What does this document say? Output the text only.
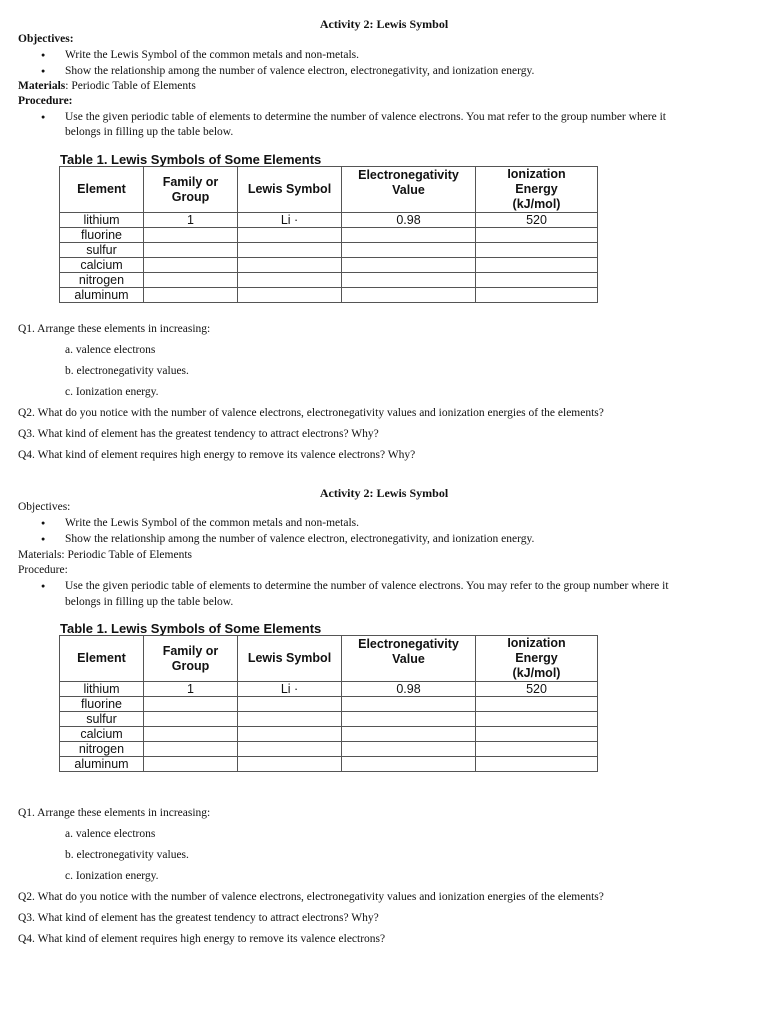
Activity 2: Lewis Symbol
Objectives:
● Write the Lewis Symbol of the common metals and non-metals.
● Show the relationship among the number of valence electron, electronegativity, and ionization energy.
Materials: Periodic Table of Elements
Procedure:
● Use the given periodic table of elements to determine the number of valence electrons. You mat refer to the group number where it
belongs in filling up the table below.
Table 1. Lewis Symbols of Some Elements
Element	Family or Group	Lewis Symbol	Electronegativity Value	Ionization Energy (kJ/mol)
lithium	1	Li ·	0.98	520
fluorine				
sulfur				
calcium				
nitrogen				
aluminum				
Q1. Arrange these elements in increasing:
a. valence electrons
b. electronegativity values.
c. Ionization energy.
Q2. What do you notice with the number of valence electrons, electronegativity values and ionization energies of the elements?
Q3. What kind of element has the greatest tendency to attract electrons? Why?
Q4. What kind of element requires high energy to remove its valence electrons? Why?
Activity 2: Lewis Symbol
Objectives:
● Write the Lewis Symbol of the common metals and non-metals.
● Show the relationship among the number of valence electron, electronegativity, and ionization energy.
Materials: Periodic Table of Elements
Procedure:
● Use the given periodic table of elements to determine the number of valence electrons. You may refer to the group number where it
belongs in filling up the table below.
Table 1. Lewis Symbols of Some Elements
Element	Family or Group	Lewis Symbol	Electronegativity Value	Ionization Energy (kJ/mol)
lithium	1	Li ·	0.98	520
fluorine				
sulfur				
calcium				
nitrogen				
aluminum				
Q1. Arrange these elements in increasing:
a. valence electrons
b. electronegativity values.
c. Ionization energy.
Q2. What do you notice with the number of valence electrons, electronegativity values and ionization energies of the elements?
Q3. What kind of element has the greatest tendency to attract electrons? Why?
Q4. What kind of element requires high energy to remove its valence electrons?
